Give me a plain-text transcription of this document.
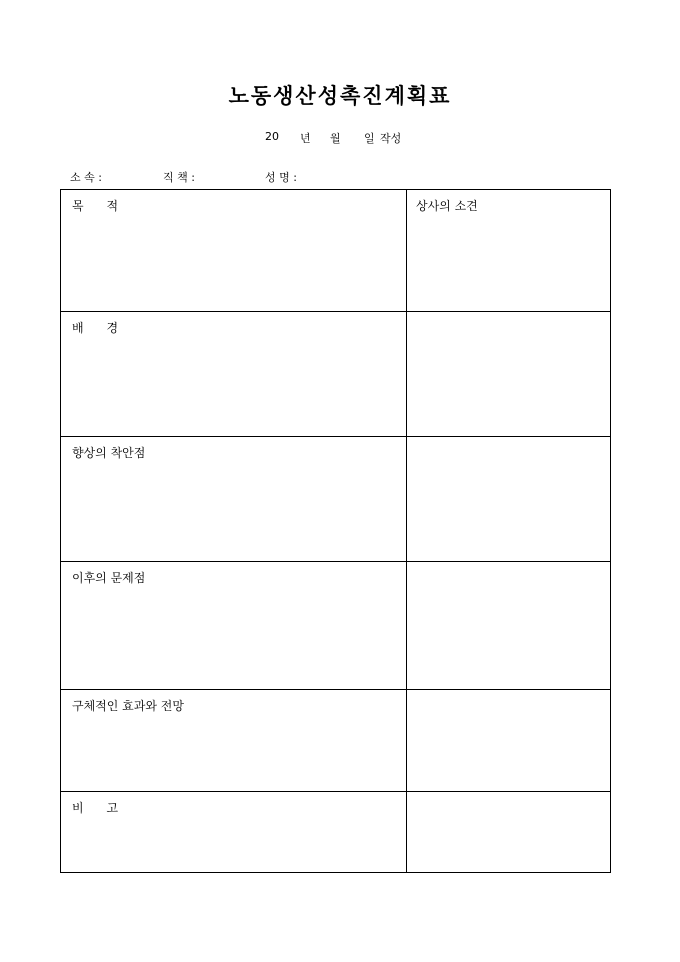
노동생산성촉진계획표
20 년 월 일 작성
소 속 :	직 책 :	성 명 :
목      적	상사의 소견
배      경
향상의 착안점
이후의 문제점
구체적인 효과와 전망
비      고
